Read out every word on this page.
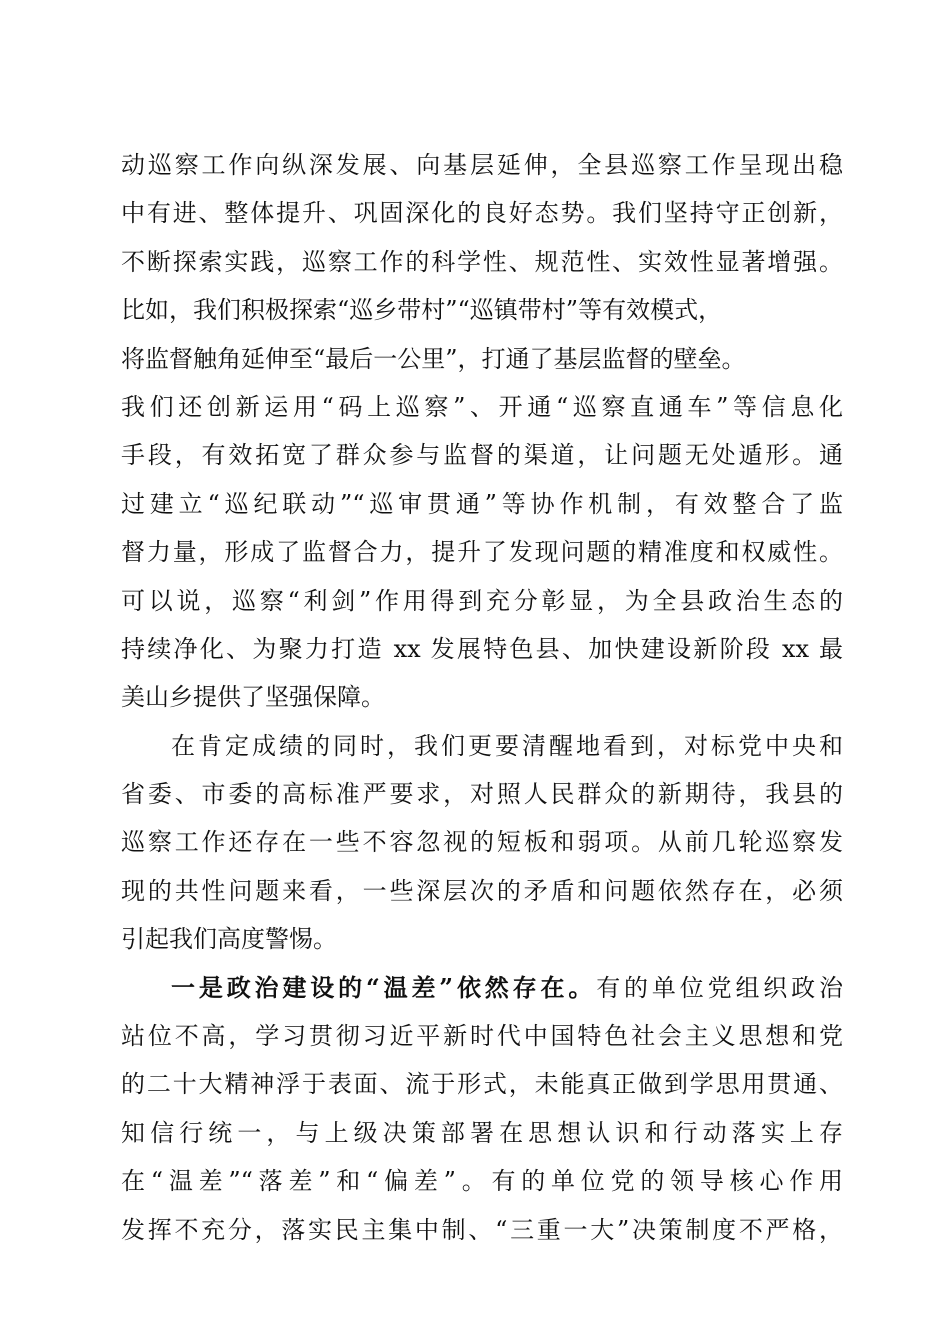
动巡察工作向纵深发展、向基层延伸，全县巡察工作呈现出稳
中有进、整体提升、巩固深化的良好态势。我们坚持守正创新，
不断探索实践，巡察工作的科学性、规范性、实效性显著增强。
比如，我们积极探索“巡乡带村”“巡镇带村”等有效模式，
将监督触角延伸至“最后一公里”，打通了基层监督的壁垒。
我们还创新运用“码上巡察”、开通“巡察直通车”等信息化
手段，有效拓宽了群众参与监督的渠道，让问题无处遁形。通
过建立“巡纪联动”“巡审贯通”等协作机制，有效整合了监
督力量，形成了监督合力，提升了发现问题的精准度和权威性。
可以说，巡察“利剑”作用得到充分彰显，为全县政治生态的
持续净化、为聚力打造 xx 发展特色县、加快建设新阶段 xx 最
美山乡提供了坚强保障。
在肯定成绩的同时，我们更要清醒地看到，对标党中央和
省委、市委的高标准严要求，对照人民群众的新期待，我县的
巡察工作还存在一些不容忽视的短板和弱项。从前几轮巡察发
现的共性问题来看，一些深层次的矛盾和问题依然存在，必须
引起我们高度警惕。
一是政治建设的“温差”依然存在。有的单位党组织政治
站位不高，学习贯彻习近平新时代中国特色社会主义思想和党
的二十大精神浮于表面、流于形式，未能真正做到学思用贯通、
知信行统一，与上级决策部署在思想认识和行动落实上存
在“温差”“落差”和“偏差”。有的单位党的领导核心作用
发挥不充分，落实民主集中制、“三重一大”决策制度不严格，
